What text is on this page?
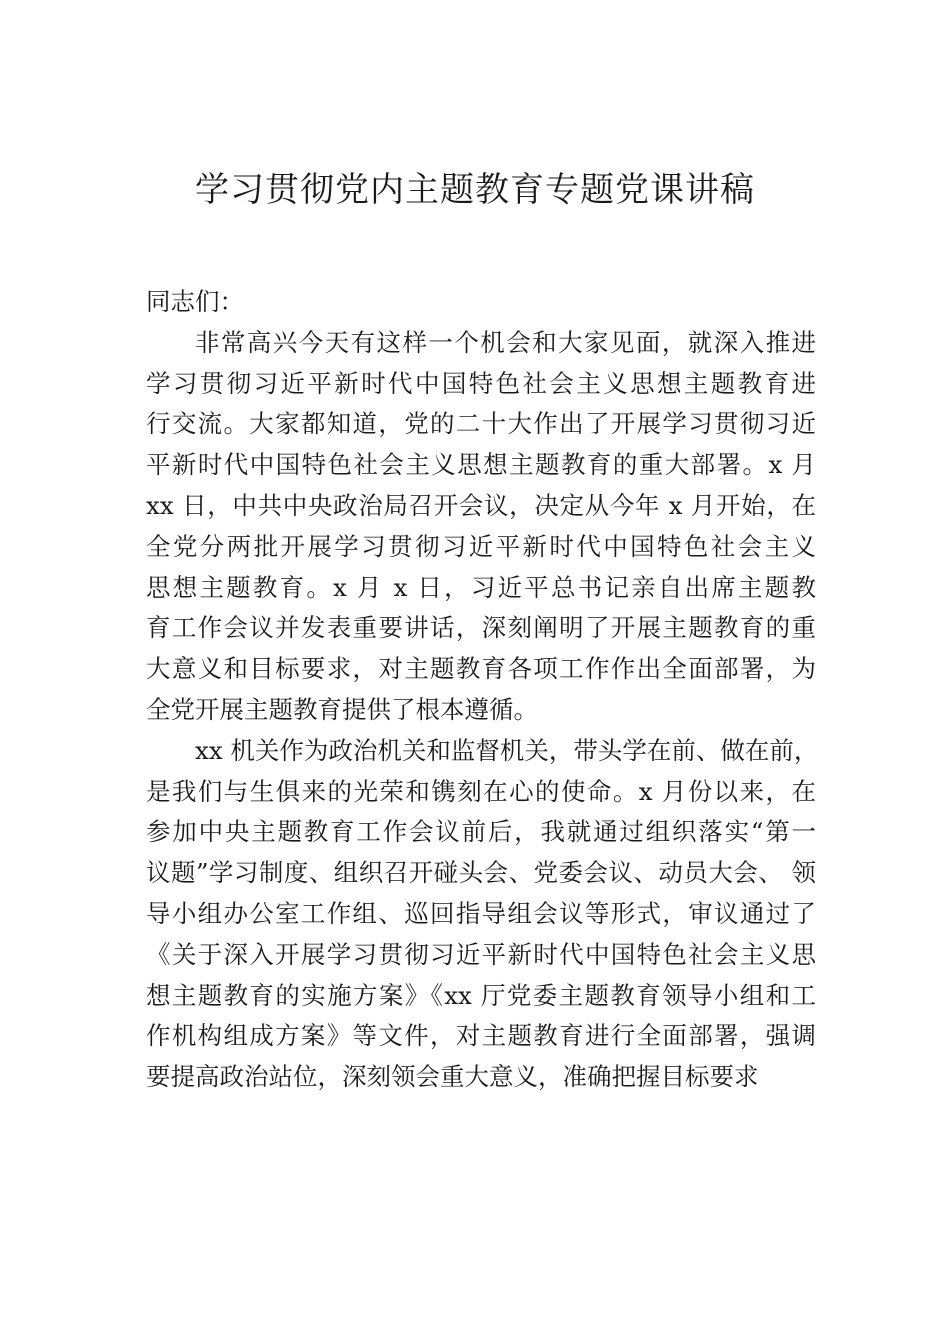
学习贯彻党内主题教育专题党课讲稿
同志们：
非常高兴今天有这样一个机会和大家见面，就深入推进
学习贯彻习近平新时代中国特色社会主义思想主题教育进
行交流。大家都知道，党的二十大作出了开展学习贯彻习近
平新时代中国特色社会主义思想主题教育的重大部署。x 月
xx 日，中共中央政治局召开会议，决定从今年 x 月开始，在
全党分两批开展学习贯彻习近平新时代中国特色社会主义
思想主题教育。x 月 x 日，习近平总书记亲自出席主题教
育工作会议并发表重要讲话，深刻阐明了开展主题教育的重
大意义和目标要求，对主题教育各项工作作出全面部署，为
全党开展主题教育提供了根本遵循。
xx 机关作为政治机关和监督机关，带头学在前、做在前，
是我们与生俱来的光荣和镌刻在心的使命。x 月份以来，在
参加中央主题教育工作会议前后，我就通过组织落实“第一
议题”学习制度、组织召开碰头会、党委会议、动员大会、 领
导小组办公室工作组、巡回指导组会议等形式，审议通过了
《关于深入开展学习贯彻习近平新时代中国特色社会主义思
想主题教育的实施方案》《xx 厅党委主题教育领导小组和工
作机构组成方案》等文件，对主题教育进行全面部署，强调
要提高政治站位，深刻领会重大意义，准确把握目标要求
